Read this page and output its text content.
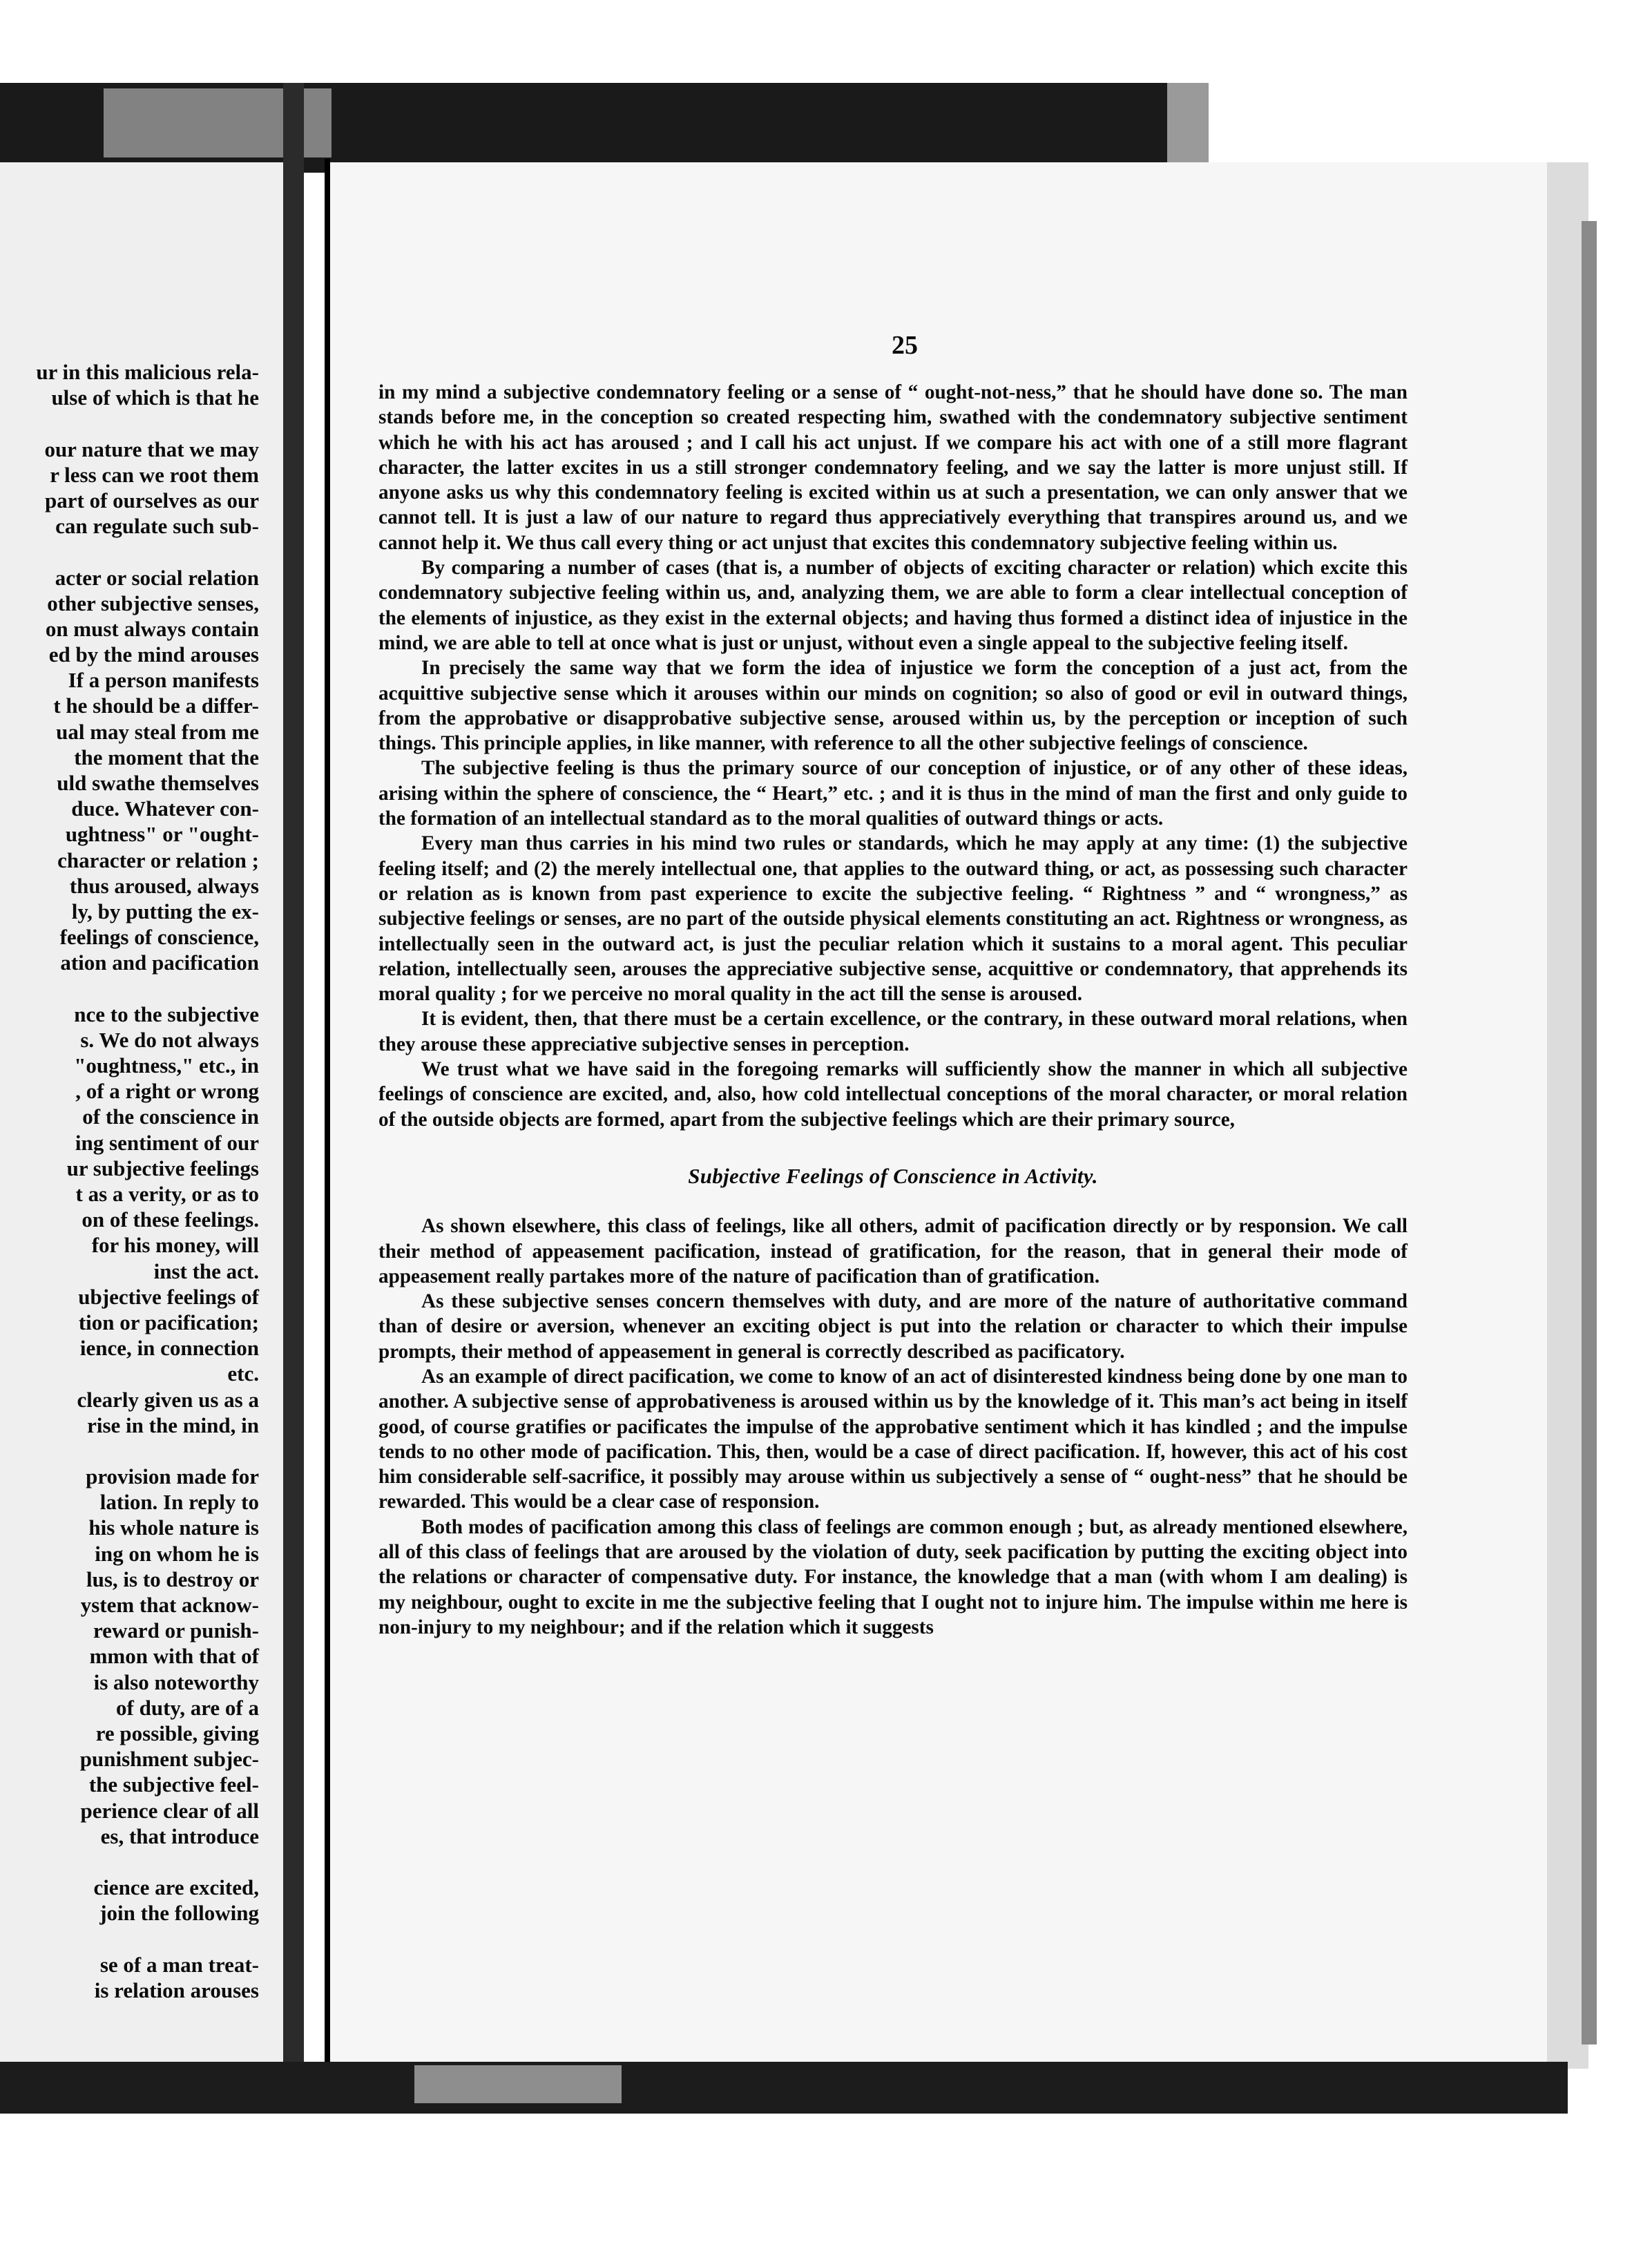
ur in this malicious rela-
ulse of which is that he
our nature that we may
r less can we root them
part of ourselves as our
can regulate such sub-
acter or social relation
other subjective senses,
on must always contain
ed by the mind arouses
If a person manifests
t he should be a differ-
ual may steal from me
the moment that the
uld swathe themselves
duce. Whatever con-
ughtness" or "ought-
character or relation ;
thus aroused, always
ly, by putting the ex-
feelings of conscience,
ation and pacification
nce to the subjective
s. We do not always
"oughtness," etc., in
, of a right or wrong
of the conscience in
ing sentiment of our
ur subjective feelings
t as a verity, or as to
on of these feelings.
for his money, will
inst the act.
ubjective feelings of
tion or pacification;
ience, in connection
etc.
clearly given us as a
rise in the mind, in
provision made for
lation. In reply to
his whole nature is
ing on whom he is
lus, is to destroy or
ystem that acknow-
reward or punish-
mmon with that of
is also noteworthy
of duty, are of a
re possible, giving
punishment subjec-
the subjective feel-
perience clear of all
es, that introduce
cience are excited,
join the following
se of a man treat-
is relation arouses
25

in my mind a subjective condemnatory feeling or a sense of “ ought-not-ness,” that he should have done so. The man stands before me, in the conception so created respecting him, swathed with the condemnatory subjective sentiment which he with his act has aroused ; and I call his act unjust. If we compare his act with one of a still more flagrant character, the latter excites in us a still stronger condemnatory feeling, and we say the latter is more unjust still. If anyone asks us why this condemnatory feeling is excited within us at such a presentation, we can only answer that we cannot tell. It is just a law of our nature to regard thus appreciatively everything that transpires around us, and we cannot help it. We thus call every thing or act unjust that excites this condemnatory subjective feeling within us.

By comparing a number of cases (that is, a number of objects of exciting character or relation) which excite this condemnatory subjective feeling within us, and, analyzing them, we are able to form a clear intellectual conception of the elements of injustice, as they exist in the external objects; and having thus formed a distinct idea of injustice in the mind, we are able to tell at once what is just or unjust, without even a single appeal to the subjective feeling itself.

In precisely the same way that we form the idea of injustice we form the conception of a just act, from the acquittive subjective sense which it arouses within our minds on cognition; so also of good or evil in outward things, from the approbative or disapprobative subjective sense, aroused within us, by the perception or inception of such things. This principle applies, in like manner, with reference to all the other subjective feelings of conscience.

The subjective feeling is thus the primary source of our conception of injustice, or of any other of these ideas, arising within the sphere of conscience, the “ Heart,” etc. ; and it is thus in the mind of man the first and only guide to the formation of an intellectual standard as to the moral qualities of outward things or acts.

Every man thus carries in his mind two rules or standards, which he may apply at any time: (1) the subjective feeling itself; and (2) the merely intellectual one, that applies to the outward thing, or act, as possessing such character or relation as is known from past experience to excite the subjective feeling. “ Rightness ” and “ wrongness,” as subjective feelings or senses, are no part of the outside physical elements constituting an act. Rightness or wrongness, as intellectually seen in the outward act, is just the peculiar relation which it sustains to a moral agent. This peculiar relation, intellectually seen, arouses the appreciative subjective sense, acquittive or condemnatory, that apprehends its moral quality ; for we perceive no moral quality in the act till the sense is aroused.

It is evident, then, that there must be a certain excellence, or the contrary, in these outward moral relations, when they arouse these appreciative subjective senses in perception.

We trust what we have said in the foregoing remarks will sufficiently show the manner in which all subjective feelings of conscience are excited, and, also, how cold intellectual conceptions of the moral character, or moral relation of the outside objects are formed, apart from the subjective feelings which are their primary source,

Subjective Feelings of Conscience in Activity.

As shown elsewhere, this class of feelings, like all others, admit of pacification directly or by responsion. We call their method of appeasement pacification, instead of gratification, for the reason, that in general their mode of appeasement really partakes more of the nature of pacification than of gratification.

As these subjective senses concern themselves with duty, and are more of the nature of authoritative command than of desire or aversion, whenever an exciting object is put into the relation or character to which their impulse prompts, their method of appeasement in general is correctly described as pacificatory.

As an example of direct pacification, we come to know of an act of disinterested kindness being done by one man to another. A subjective sense of approbativeness is aroused within us by the knowledge of it. This man’s act being in itself good, of course gratifies or pacificates the impulse of the approbative sentiment which it has kindled ; and the impulse tends to no other mode of pacification. This, then, would be a case of direct pacification. If, however, this act of his cost him considerable self-sacrifice, it possibly may arouse within us subjectively a sense of “ ought-ness” that he should be rewarded. This would be a clear case of responsion.

Both modes of pacification among this class of feelings are common enough ; but, as already mentioned elsewhere, all of this class of feelings that are aroused by the violation of duty, seek pacification by putting the exciting object into the relations or character of compensative duty. For instance, the knowledge that a man (with whom I am dealing) is my neighbour, ought to excite in me the subjective feeling that I ought not to injure him. The impulse within me here is non-injury to my neighbour; and if the relation which it suggests
